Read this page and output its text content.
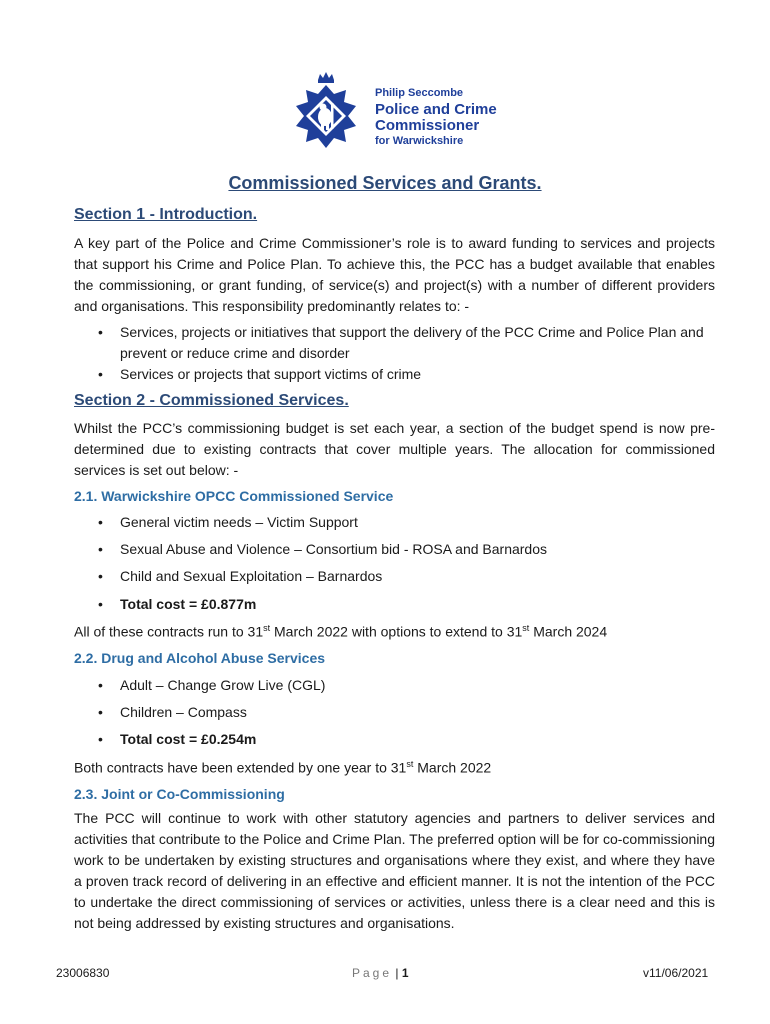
Philip Seccombe
Police and Crime
Commissioner
for Warwickshire
Commissioned Services and Grants.
Section 1 - Introduction.

A key part of the Police and Crime Commissioner’s role is to award funding to services and projects that support his Crime and Police Plan. To achieve this, the PCC has a budget available that enables the commissioning, or grant funding, of service(s) and project(s) with a number of different providers and organisations. This responsibility predominantly relates to: -

• Services, projects or initiatives that support the delivery of the PCC Crime and Police Plan and prevent or reduce crime and disorder
• Services or projects that support victims of crime
Section 2 - Commissioned Services.

Whilst the PCC’s commissioning budget is set each year, a section of the budget spend is now pre-determined due to existing contracts that cover multiple years. The allocation for commissioned services is set out below: -

2.1. Warwickshire OPCC Commissioned Service
• General victim needs – Victim Support
• Sexual Abuse and Violence – Consortium bid - ROSA and Barnardos
• Child and Sexual Exploitation – Barnardos
• Total cost = £0.877m
All of these contracts run to 31st March 2022 with options to extend to 31st March 2024
2.2. Drug and Alcohol Abuse Services
• Adult – Change Grow Live (CGL)
• Children – Compass
• Total cost = £0.254m
Both contracts have been extended by one year to 31st March 2022
2.3. Joint or Co-Commissioning

The PCC will continue to work with other statutory agencies and partners to deliver services and activities that contribute to the Police and Crime Plan. The preferred option will be for co-commissioning work to be undertaken by existing structures and organisations where they exist, and where they have a proven track record of delivering in an effective and efficient manner. It is not the intention of the PCC to undertake the direct commissioning of services or activities, unless there is a clear need and this is not being addressed by existing structures and organisations.

23006830	Page | 1	v11/06/2021
